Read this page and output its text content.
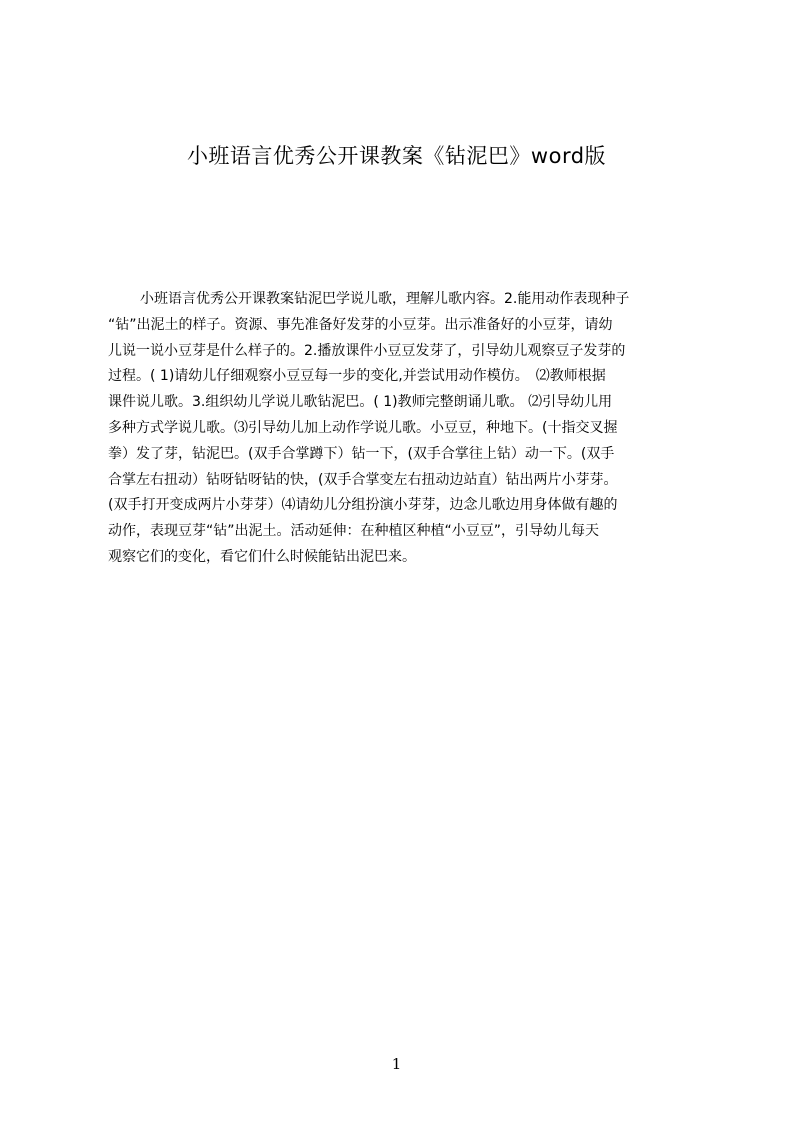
小班语言优秀公开课教案《钻泥巴》word版
小班语言优秀公开课教案钻泥巴学说儿歌，理解儿歌内容。2.能用动作表现种子
“钻”出泥土的样子。资源、事先准备好发芽的小豆芽。出示准备好的小豆芽，请幼
儿说一说小豆芽是什么样子的。2.播放课件小豆豆发芽了，引导幼儿观察豆子发芽的
过程。( 1)请幼儿仔细观察小豆豆每一步的变化,并尝试用动作模仿。　⑵教师根据
课件说儿歌。3.组织幼儿学说儿歌钻泥巴。( 1)教师完整朗诵儿歌。 ⑵引导幼儿用
多种方式学说儿歌。⑶引导幼儿加上动作学说儿歌。小豆豆，种地下。(十指交叉握
拳）发了芽，钻泥巴。(双手合掌蹲下）钻一下，(双手合掌往上钻）动一下。(双手
合掌左右扭动）钻呀钻呀钻的快，(双手合掌变左右扭动边站直）钻出两片小芽芽。
(双手打开变成两片小芽芽）⑷请幼儿分组扮演小芽芽，边念儿歌边用身体做有趣的
动作，表现豆芽“钻”出泥土。活动延伸：在种植区种植“小豆豆”，引导幼儿每天
观察它们的变化，看它们什么时候能钻出泥巴来。
1
